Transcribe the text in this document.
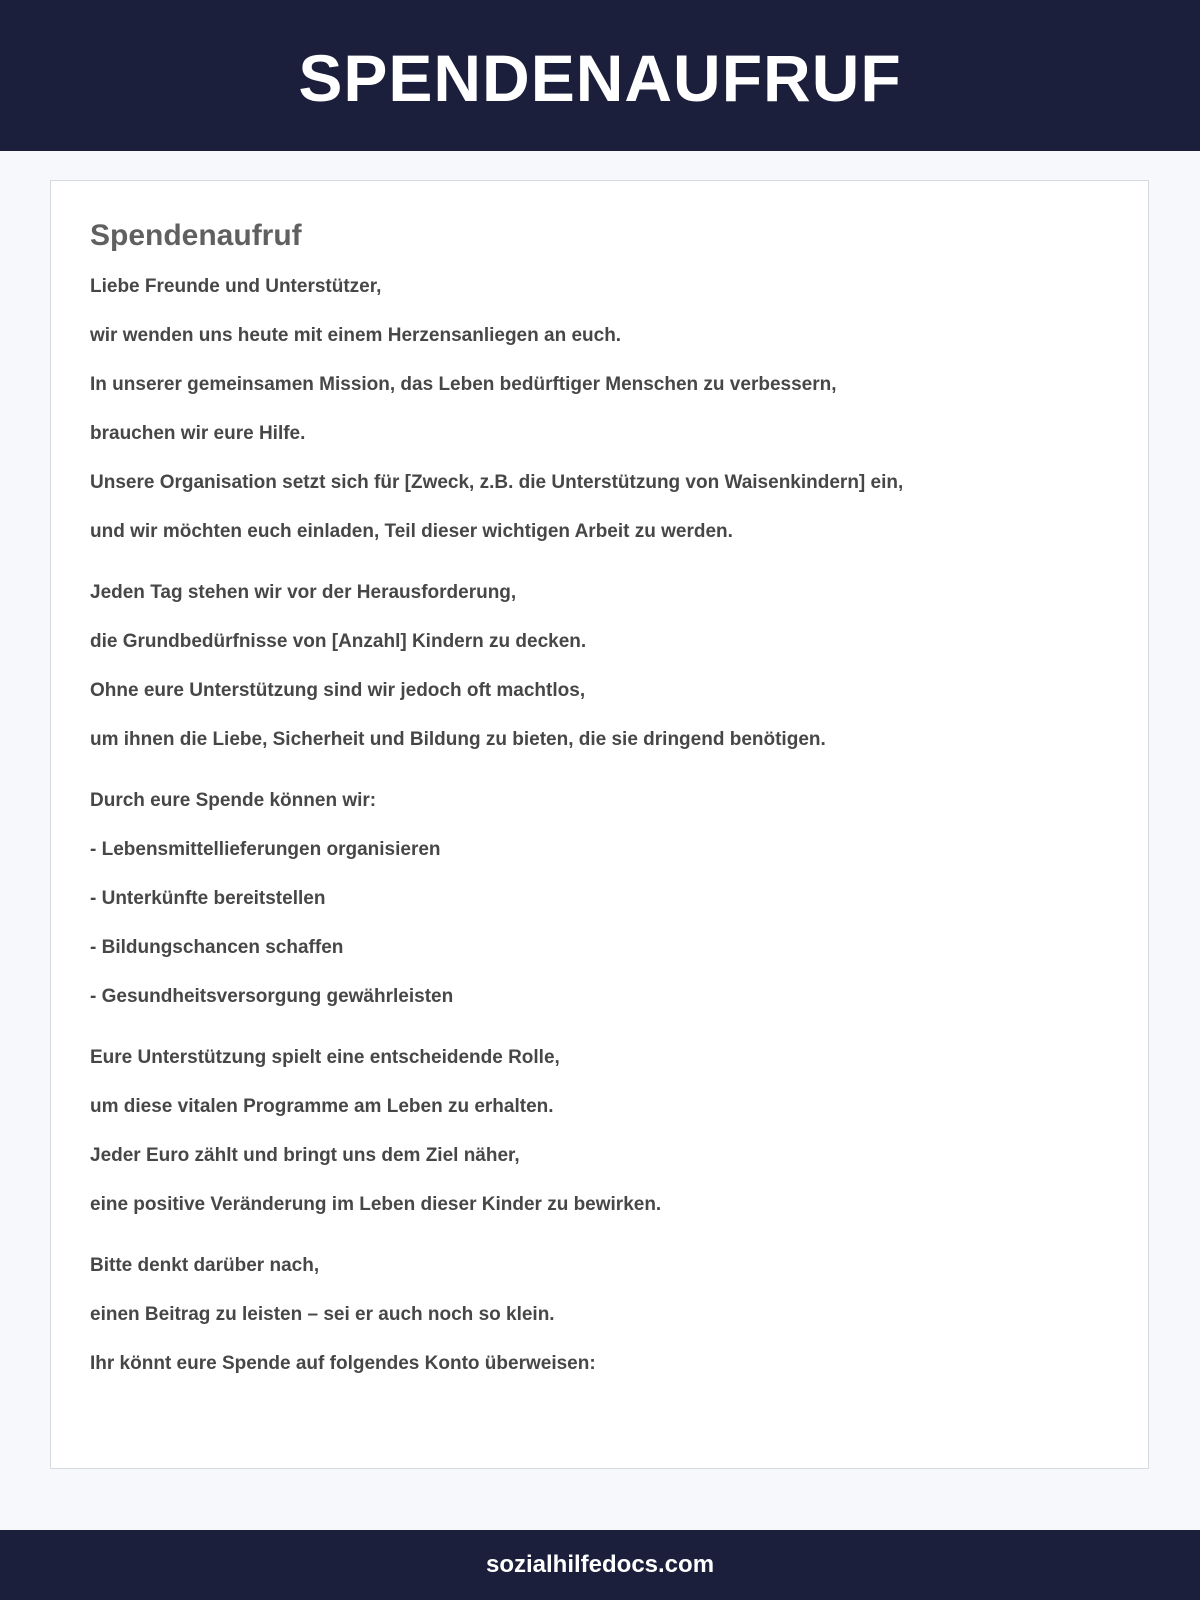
SPENDENAUFRUF
Spendenaufruf

Liebe Freunde und Unterstützer,

wir wenden uns heute mit einem Herzensanliegen an euch.

In unserer gemeinsamen Mission, das Leben bedürftiger Menschen zu verbessern,

brauchen wir eure Hilfe.

Unsere Organisation setzt sich für [Zweck, z.B. die Unterstützung von Waisenkindern] ein,

und wir möchten euch einladen, Teil dieser wichtigen Arbeit zu werden.

Jeden Tag stehen wir vor der Herausforderung,

die Grundbedürfnisse von [Anzahl] Kindern zu decken.

Ohne eure Unterstützung sind wir jedoch oft machtlos,

um ihnen die Liebe, Sicherheit und Bildung zu bieten, die sie dringend benötigen.

Durch eure Spende können wir:

- Lebensmittellieferungen organisieren

- Unterkünfte bereitstellen

- Bildungschancen schaffen

- Gesundheitsversorgung gewährleisten

Eure Unterstützung spielt eine entscheidende Rolle,

um diese vitalen Programme am Leben zu erhalten.

Jeder Euro zählt und bringt uns dem Ziel näher,

eine positive Veränderung im Leben dieser Kinder zu bewirken.

Bitte denkt darüber nach,

einen Beitrag zu leisten – sei er auch noch so klein.

Ihr könnt eure Spende auf folgendes Konto überweisen:

sozialhilfedocs.com
